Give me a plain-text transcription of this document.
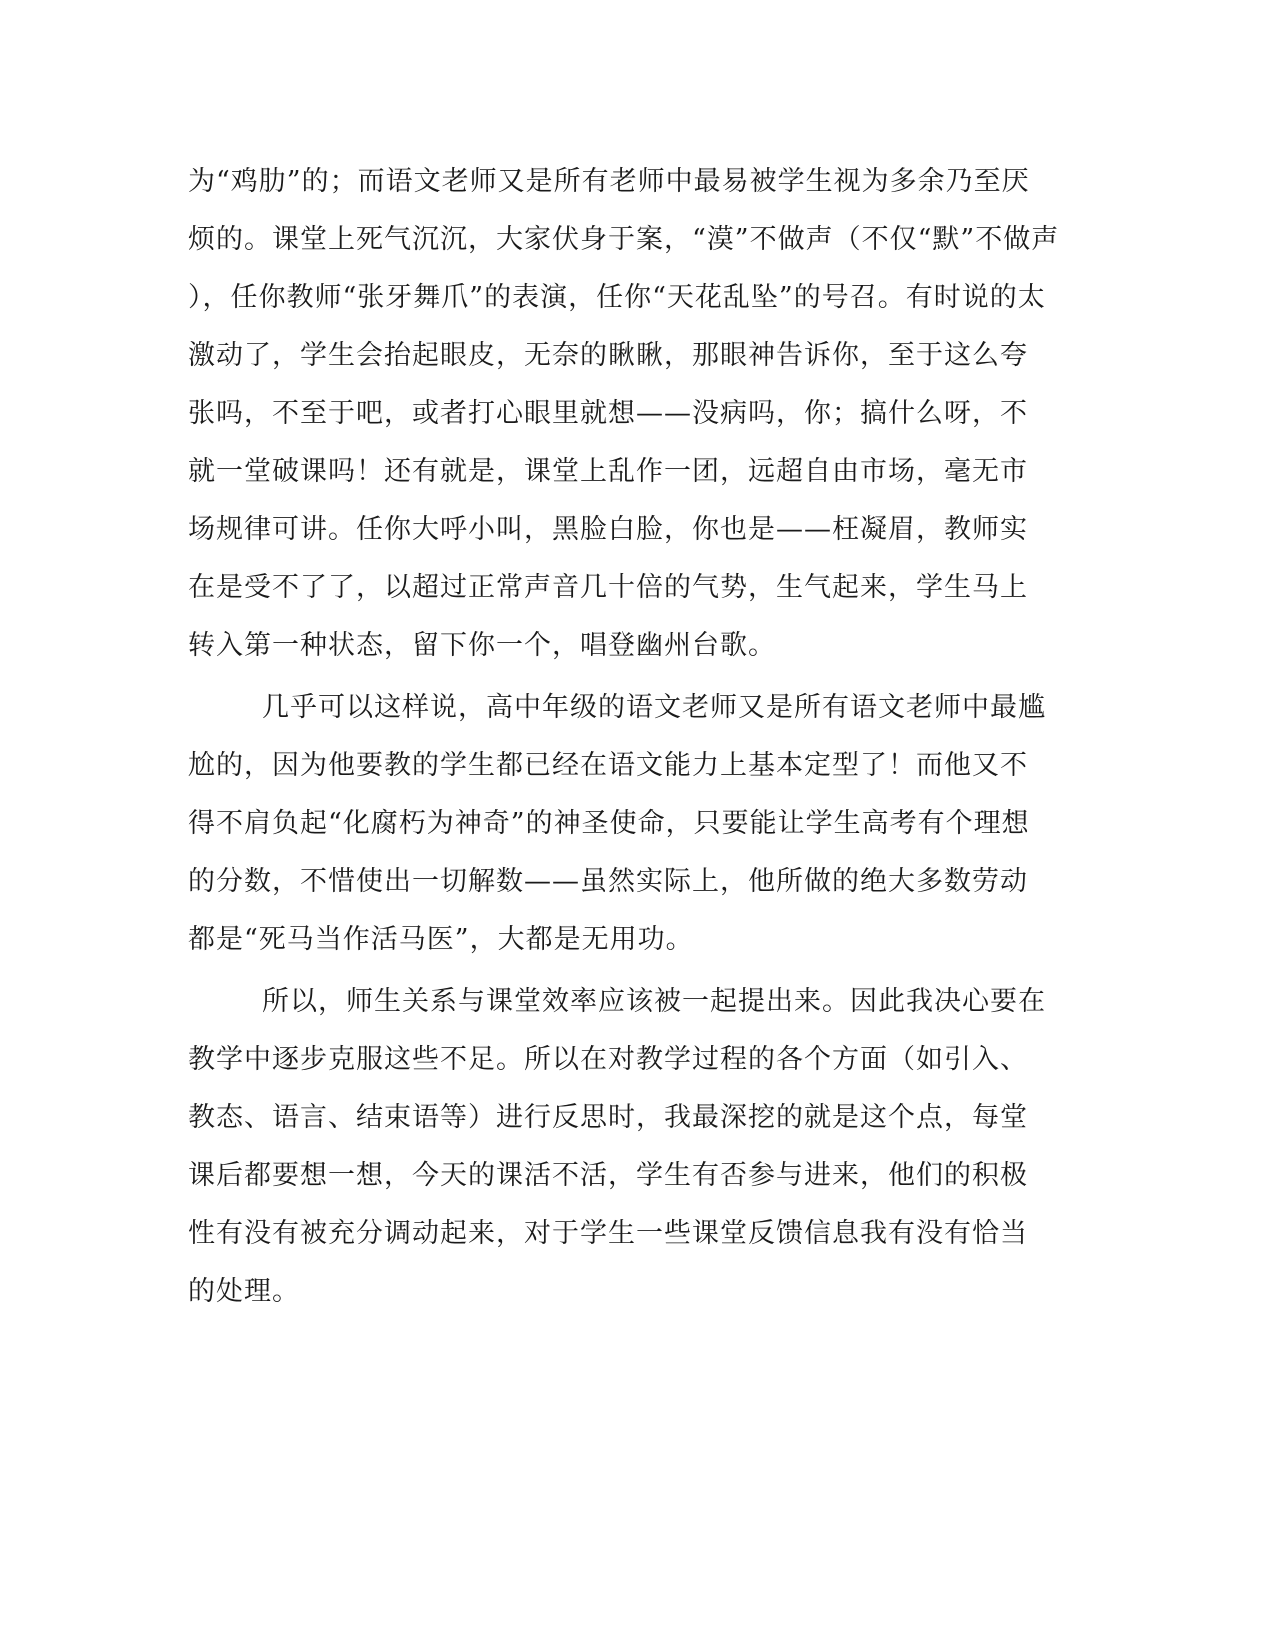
为“鸡肋”的；而语文老师又是所有老师中最易被学生视为多余乃至厌
烦的。课堂上死气沉沉，大家伏身于案，“漠”不做声（不仅“默”不做声
），任你教师“张牙舞爪”的表演，任你“天花乱坠”的号召。有时说的太
激动了，学生会抬起眼皮，无奈的瞅瞅，那眼神告诉你，至于这么夸
张吗，不至于吧，或者打心眼里就想——没病吗，你；搞什么呀，不
就一堂破课吗！还有就是，课堂上乱作一团，远超自由市场，毫无市
场规律可讲。任你大呼小叫，黑脸白脸，你也是——枉凝眉，教师实
在是受不了了，以超过正常声音几十倍的气势，生气起来，学生马上
转入第一种状态，留下你一个，唱登幽州台歌。
几乎可以这样说，高中年级的语文老师又是所有语文老师中最尴
尬的，因为他要教的学生都已经在语文能力上基本定型了！而他又不
得不肩负起“化腐朽为神奇”的神圣使命，只要能让学生高考有个理想
的分数，不惜使出一切解数——虽然实际上，他所做的绝大多数劳动
都是“死马当作活马医”，大都是无用功。
所以，师生关系与课堂效率应该被一起提出来。因此我决心要在
教学中逐步克服这些不足。所以在对教学过程的各个方面（如引入、
教态、语言、结束语等）进行反思时，我最深挖的就是这个点，每堂
课后都要想一想，今天的课活不活，学生有否参与进来，他们的积极
性有没有被充分调动起来，对于学生一些课堂反馈信息我有没有恰当
的处理。
